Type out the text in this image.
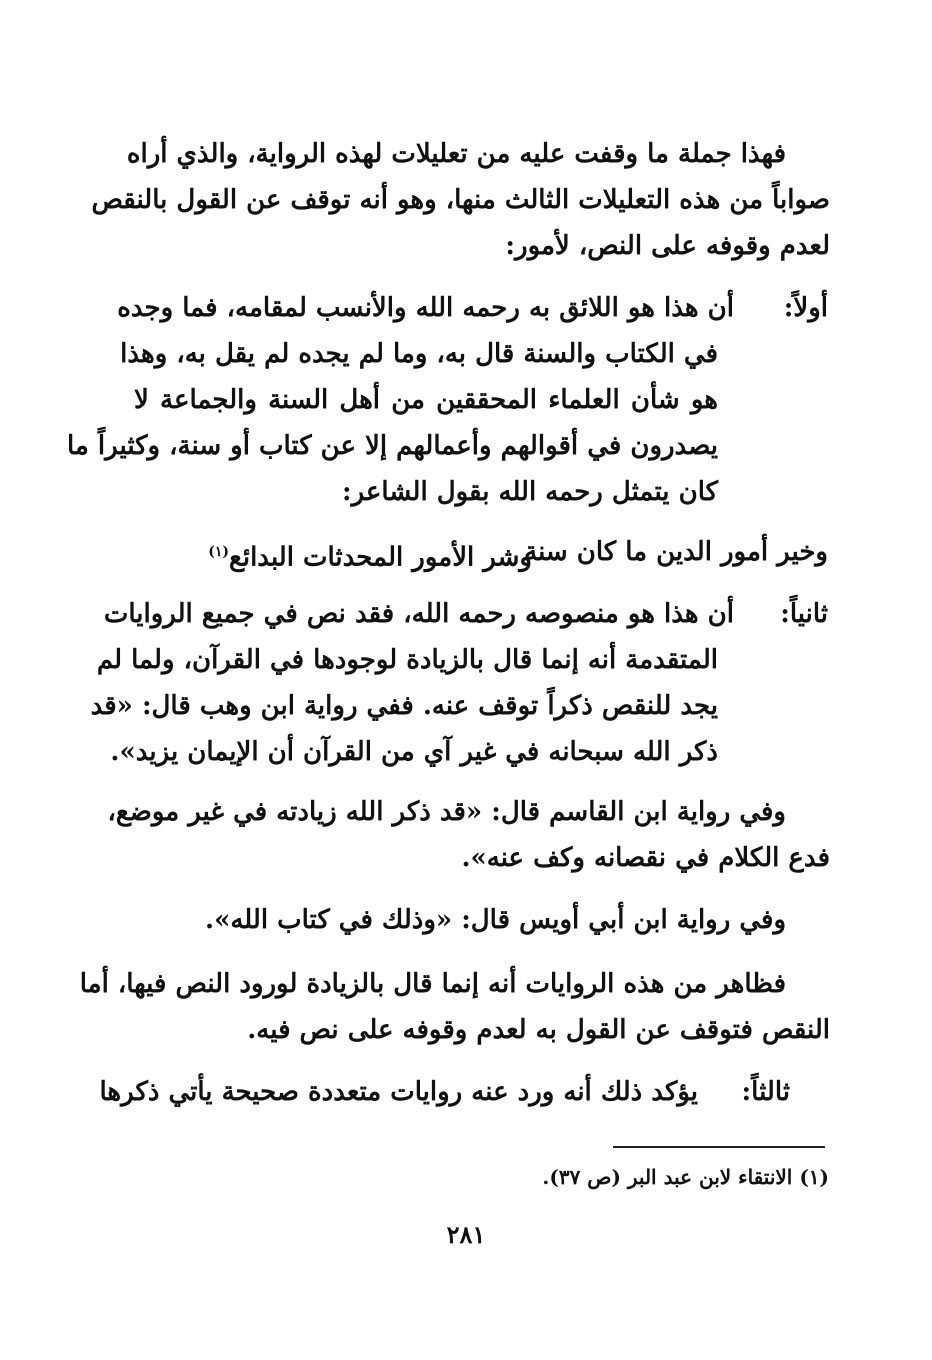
فهذا جملة ما وقفت عليه من تعليلات لهذه الرواية، والذي أراه
صواباً من هذه التعليلات الثالث منها، وهو أنه توقف عن القول بالنقص
لعدم وقوفه على النص، لأمور:
أولاً:
أن هذا هو اللائق به رحمه الله والأنسب لمقامه، فما وجده
في الكتاب والسنة قال به، وما لم يجده لم يقل به، وهذا
هو شأن العلماء المحققين من أهل السنة والجماعة لا
يصدرون في أقوالهم وأعمالهم إلا عن كتاب أو سنة، وكثيراً ما
كان يتمثل رحمه الله بقول الشاعر:
وخير أمور الدين ما كان سنة
وشر الأمور المحدثات البدائع$^{(١)}$
ثانياً:
أن هذا هو منصوصه رحمه الله، فقد نص في جميع الروايات
المتقدمة أنه إنما قال بالزيادة لوجودها في القرآن، ولما لم
يجد للنقص ذكراً توقف عنه. ففي رواية ابن وهب قال: «قد
ذكر الله سبحانه في غير آي من القرآن أن الإيمان يزيد».
وفي رواية ابن القاسم قال: «قد ذكر الله زيادته في غير موضع،
فدع الكلام في نقصانه وكف عنه».
وفي رواية ابن أبي أويس قال: «وذلك في كتاب الله».
فظاهر من هذه الروايات أنه إنما قال بالزيادة لورود النص فيها، أما
النقص فتوقف عن القول به لعدم وقوفه على نص فيه.
ثالثاً:
يؤكد ذلك أنه ورد عنه روايات متعددة صحيحة يأتي ذكرها
(١) الانتقاء لابن عبد البر (ص ٣٧).
٢٨١
